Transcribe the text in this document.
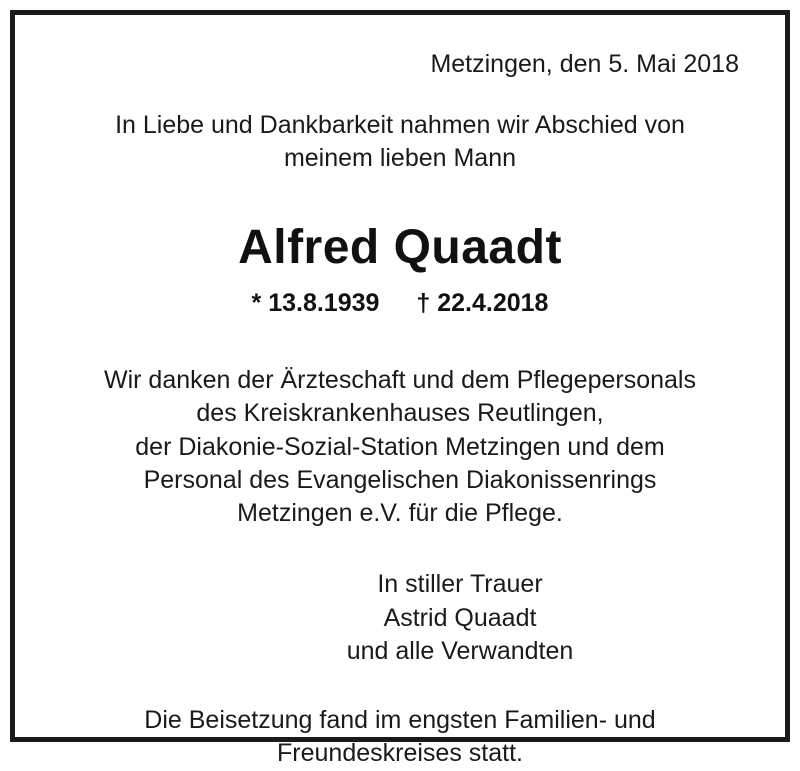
Metzingen, den 5. Mai 2018
In Liebe und Dankbarkeit nahmen wir Abschied von
meinem lieben Mann
Alfred Quaadt
* 13.8.1939 † 22.4.2018
Wir danken der Ärzteschaft und dem Pflegepersonals
des Kreiskrankenhauses Reutlingen,
der Diakonie-Sozial-Station Metzingen und dem
Personal des Evangelischen Diakonissenrings
Metzingen e.V. für die Pflege.
In stiller Trauer
Astrid Quaadt
und alle Verwandten
Die Beisetzung fand im engsten Familien- und
Freundeskreises statt.
